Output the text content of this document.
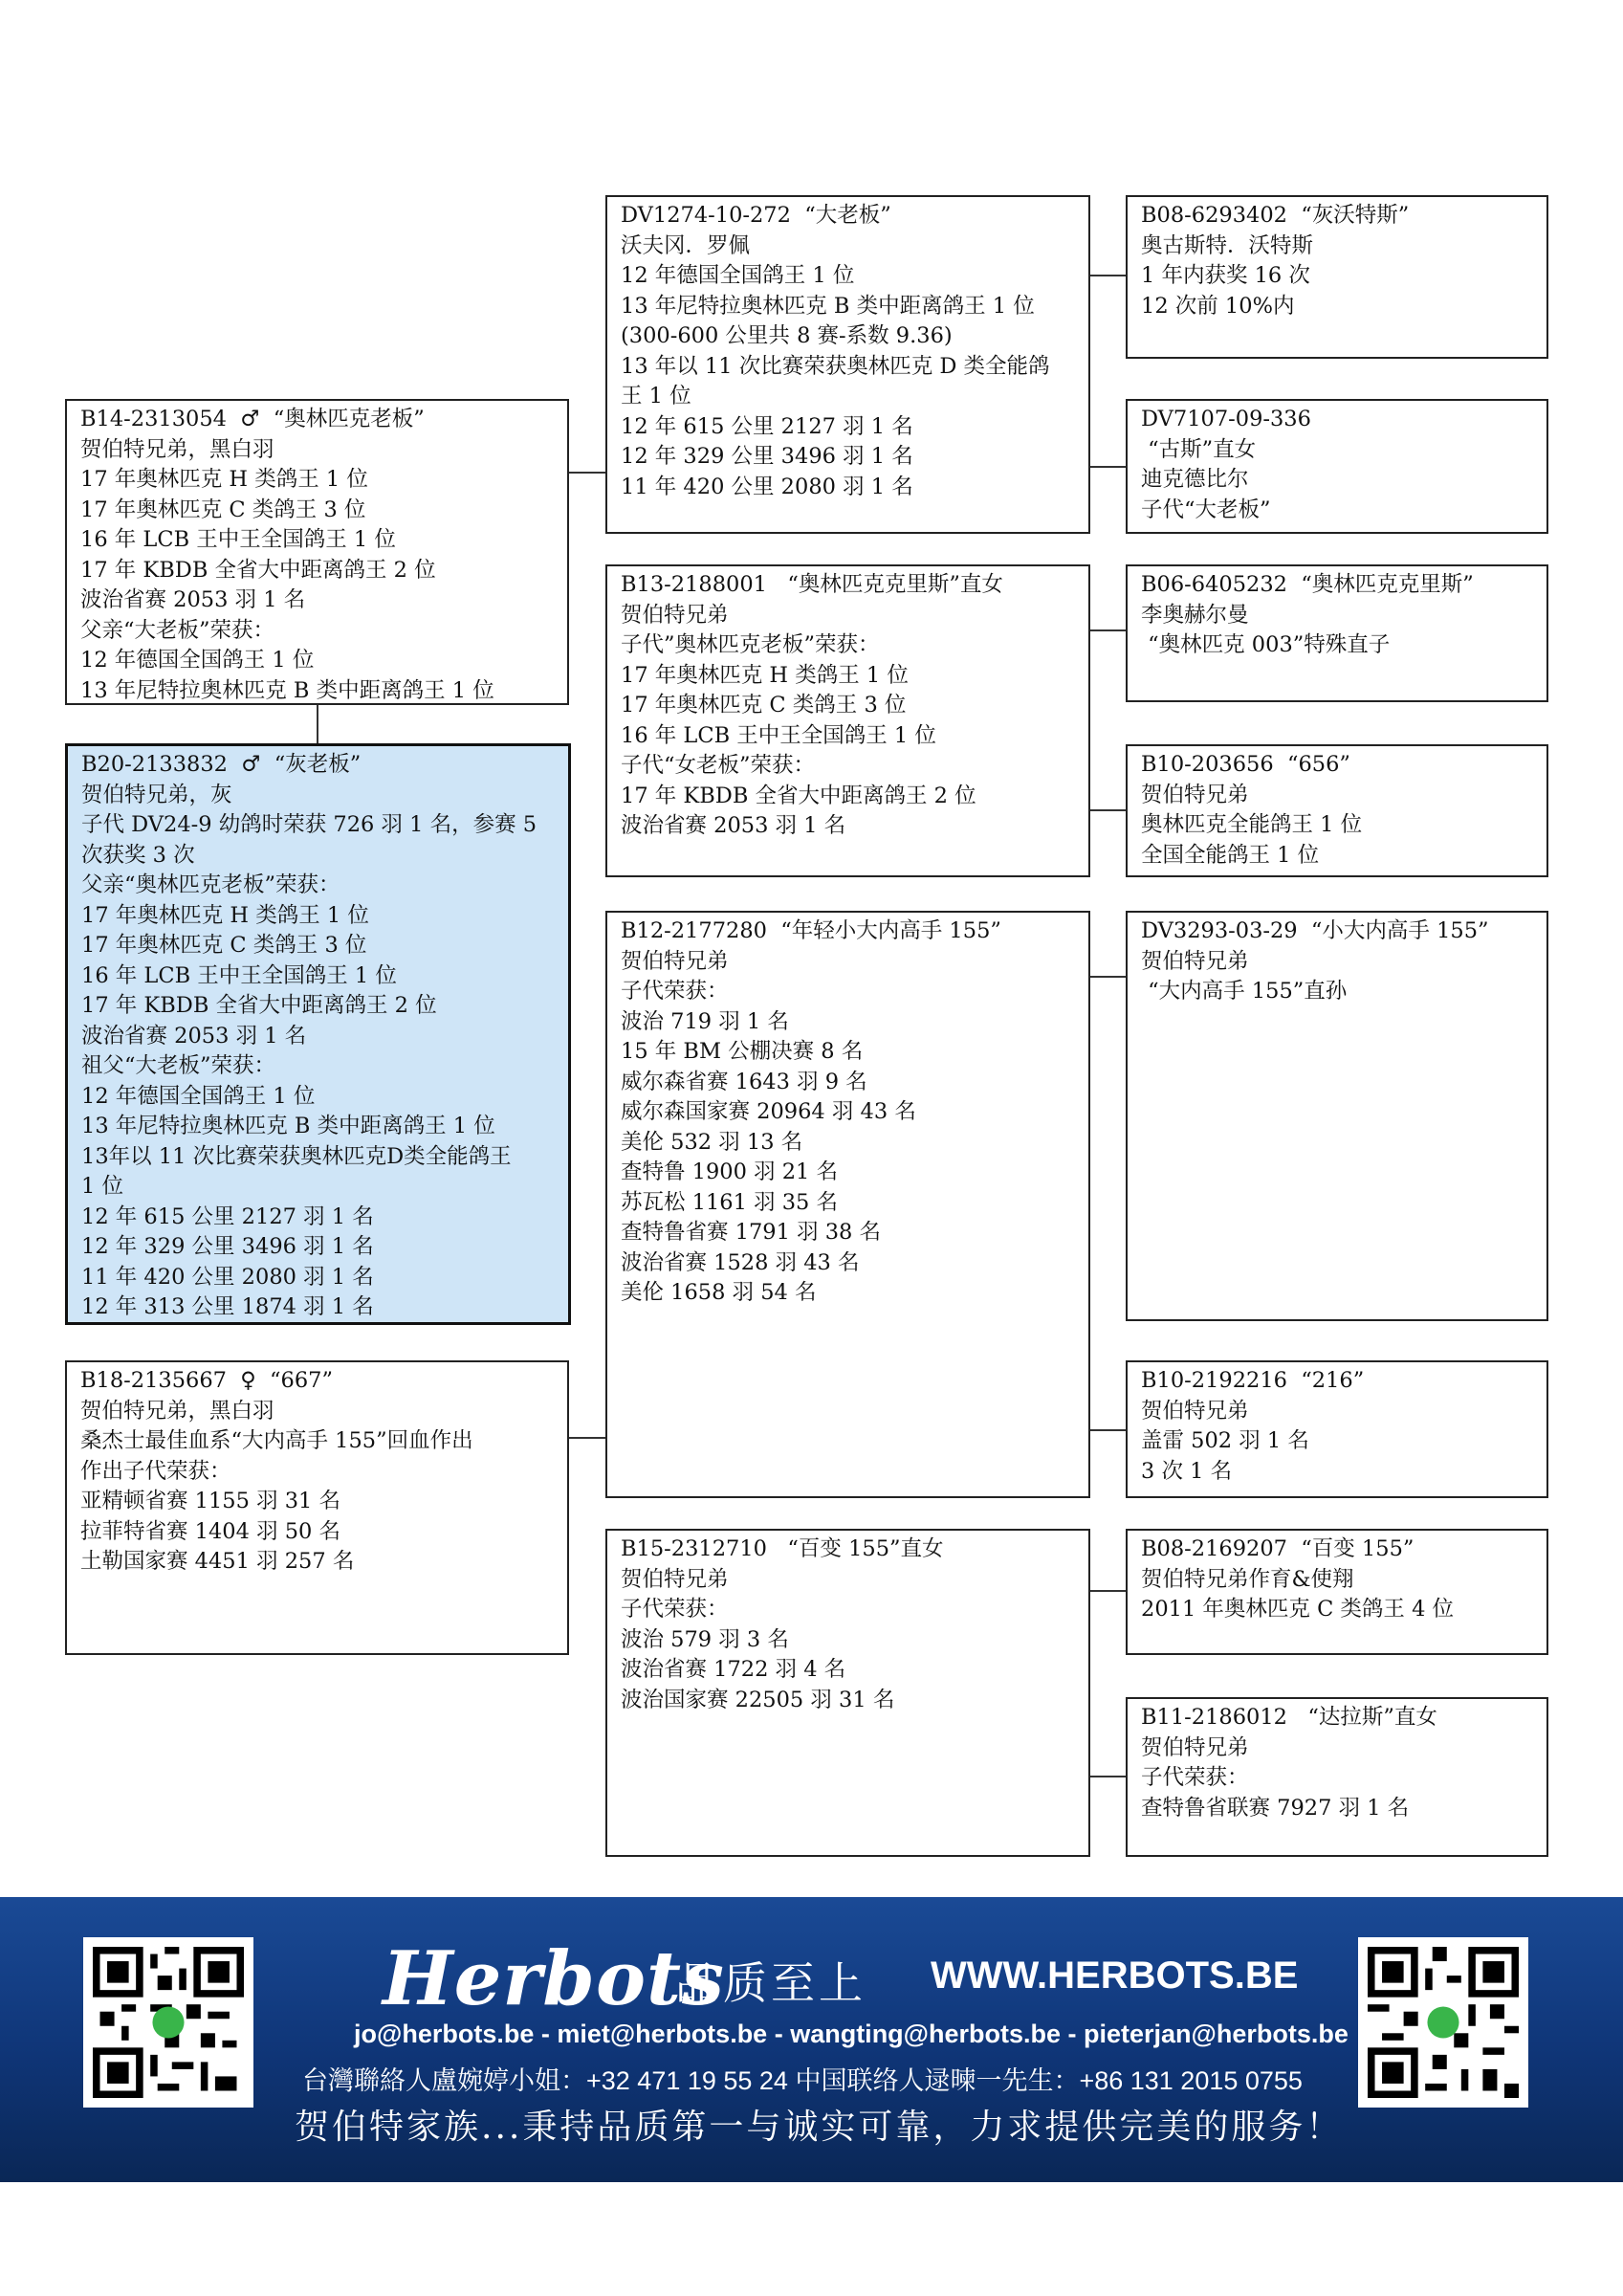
B20-2133832  ♂  “灰老板”
贺伯特兄弟，灰
子代 DV24-9 幼鸽时荣获 726 羽 1 名，参赛 5
次获奖 3 次
父亲“奥林匹克老板”荣获：
17 年奥林匹克 H 类鸽王 1 位
17 年奥林匹克 C 类鸽王 3 位
16 年 LCB 王中王全国鸽王 1 位
17 年 KBDB 全省大中距离鸽王 2 位
波治省赛 2053 羽 1 名
祖父“大老板”荣获：
12 年德国全国鸽王 1 位
13 年尼特拉奥林匹克 B 类中距离鸽王 1 位
13年以 11 次比赛荣获奥林匹克D类全能鸽王
1 位
12 年 615 公里 2127 羽 1 名
12 年 329 公里 3496 羽 1 名
11 年 420 公里 2080 羽 1 名
12 年 313 公里 1874 羽 1 名
B14-2313054  ♂  “奥林匹克老板”
贺伯特兄弟，黑白羽
17 年奥林匹克 H 类鸽王 1 位
17 年奥林匹克 C 类鸽王 3 位
16 年 LCB 王中王全国鸽王 1 位
17 年 KBDB 全省大中距离鸽王 2 位
波治省赛 2053 羽 1 名
父亲“大老板”荣获：
12 年德国全国鸽王 1 位
13 年尼特拉奥林匹克 B 类中距离鸽王 1 位
B18-2135667  ♀  “667”
贺伯特兄弟，黑白羽
桑杰士最佳血系“大内高手 155”回血作出
作出子代荣获：
亚精顿省赛 1155 羽 31 名
拉菲特省赛 1404 羽 50 名
土勒国家赛 4451 羽 257 名
DV1274-10-272  “大老板”
沃夫冈．罗佩
12 年德国全国鸽王 1 位
13 年尼特拉奥林匹克 B 类中距离鸽王 1 位
(300-600 公里共 8 赛-系数 9.36)
13 年以 11 次比赛荣获奥林匹克 D 类全能鸽
王 1 位
12 年 615 公里 2127 羽 1 名
12 年 329 公里 3496 羽 1 名
11 年 420 公里 2080 羽 1 名
B13-2188001   “奥林匹克克里斯”直女
贺伯特兄弟
子代”奥林匹克老板”荣获：
17 年奥林匹克 H 类鸽王 1 位
17 年奥林匹克 C 类鸽王 3 位
16 年 LCB 王中王全国鸽王 1 位
子代“女老板”荣获：
17 年 KBDB 全省大中距离鸽王 2 位
波治省赛 2053 羽 1 名
B12-2177280  “年轻小大内高手 155”
贺伯特兄弟
子代荣获：
波治 719 羽 1 名
15 年 BM 公棚决赛 8 名
威尔森省赛 1643 羽 9 名
威尔森国家赛 20964 羽 43 名
美伦 532 羽 13 名
查特鲁 1900 羽 21 名
苏瓦松 1161 羽 35 名
查特鲁省赛 1791 羽 38 名
波治省赛 1528 羽 43 名
美伦 1658 羽 54 名
B15-2312710   “百变 155”直女
贺伯特兄弟
子代荣获：
波治 579 羽 3 名
波治省赛 1722 羽 4 名
波治国家赛 22505 羽 31 名
B08-6293402  “灰沃特斯”
奥古斯特．沃特斯
1 年内获奖 16 次
12 次前 10%内
DV7107-09-336
“古斯”直女
迪克德比尔
子代“大老板”
B06-6405232  “奥林匹克克里斯”
李奥赫尔曼
“奥林匹克 003”特殊直子
B10-203656  “656”
贺伯特兄弟
奥林匹克全能鸽王 1 位
全国全能鸽王 1 位
DV3293-03-29  “小大内高手 155”
贺伯特兄弟
“大内高手 155”直孙
B10-2192216  “216”
贺伯特兄弟
盖雷 502 羽 1 名
3 次 1 名
B08-2169207  “百变 155”
贺伯特兄弟作育&使翔
2011 年奥林匹克 C 类鸽王 4 位
B11-2186012   “达拉斯”直女
贺伯特兄弟
子代荣获：
查特鲁省联赛 7927 羽 1 名
Herbots
品质至上 WWW.HERBOTS.BE
jo@herbots.be - miet@herbots.be - wangting@herbots.be - pieterjan@herbots.be
台灣聯絡人盧婉婷小姐：+32 471 19 55 24 中国联络人逯暕一先生：+86 131 2015 0755
贺伯特家族...秉持品质第一与诚实可靠，力求提供完美的服务！
